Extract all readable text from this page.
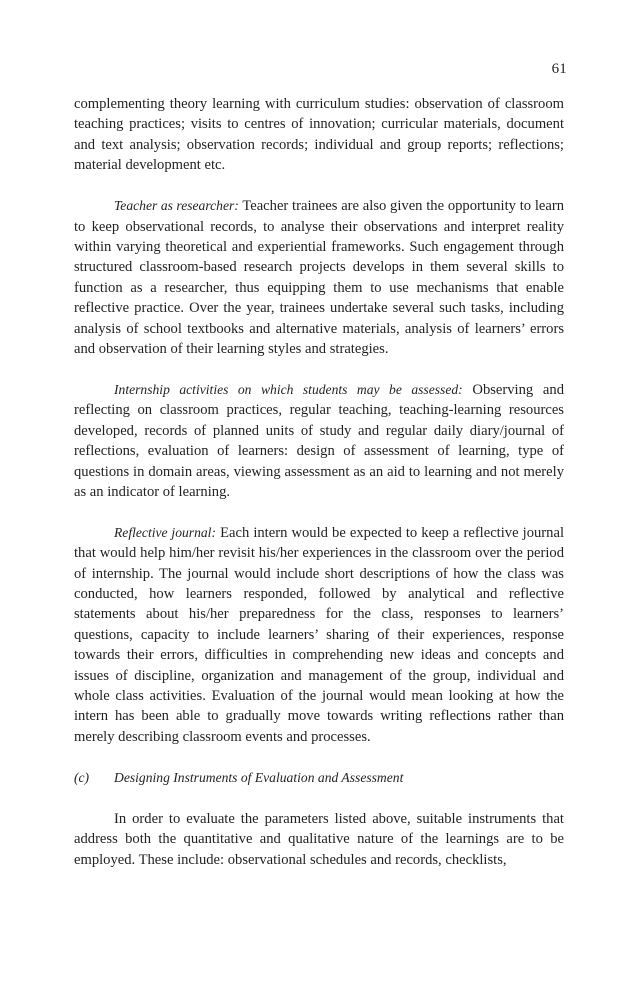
61

complementing theory learning with curriculum studies: observation of classroom teaching practices; visits to centres of innovation; curricular materials, document and text analysis; observation records; individual and group reports; reflections; material development etc.

Teacher as researcher: Teacher trainees are also given the opportunity to learn to keep observational records, to analyse their observations and interpret reality within varying theoretical and experiential frameworks. Such engagement through structured classroom-based research projects develops in them several skills to function as a researcher, thus equipping them to use mechanisms that enable reflective practice. Over the year, trainees undertake several such tasks, including analysis of school textbooks and alternative materials, analysis of learners’ errors and observation of their learning styles and strategies.

Internship activities on which students may be assessed: Observing and reflecting on classroom practices, regular teaching, teaching-learning resources developed, records of planned units of study and regular daily diary/journal of reflections, evaluation of learners: design of assessment of learning, type of questions in domain areas, viewing assessment as an aid to learning and not merely as an indicator of learning.

Reflective journal: Each intern would be expected to keep a reflective journal that would help him/her revisit his/her experiences in the classroom over the period of internship. The journal would include short descriptions of how the class was conducted, how learners responded, followed by analytical and reflective statements about his/her preparedness for the class, responses to learners’ questions, capacity to include learners’ sharing of their experiences, response towards their errors, difficulties in comprehending new ideas and concepts and issues of discipline, organization and management of the group, individual and whole class activities. Evaluation of the journal would mean looking at how the intern has been able to gradually move towards writing reflections rather than merely describing classroom events and processes.

(c)	Designing Instruments of Evaluation and Assessment

In order to evaluate the parameters listed above, suitable instruments that address both the quantitative and qualitative nature of the learnings are to be employed. These include: observational schedules and records, checklists,
